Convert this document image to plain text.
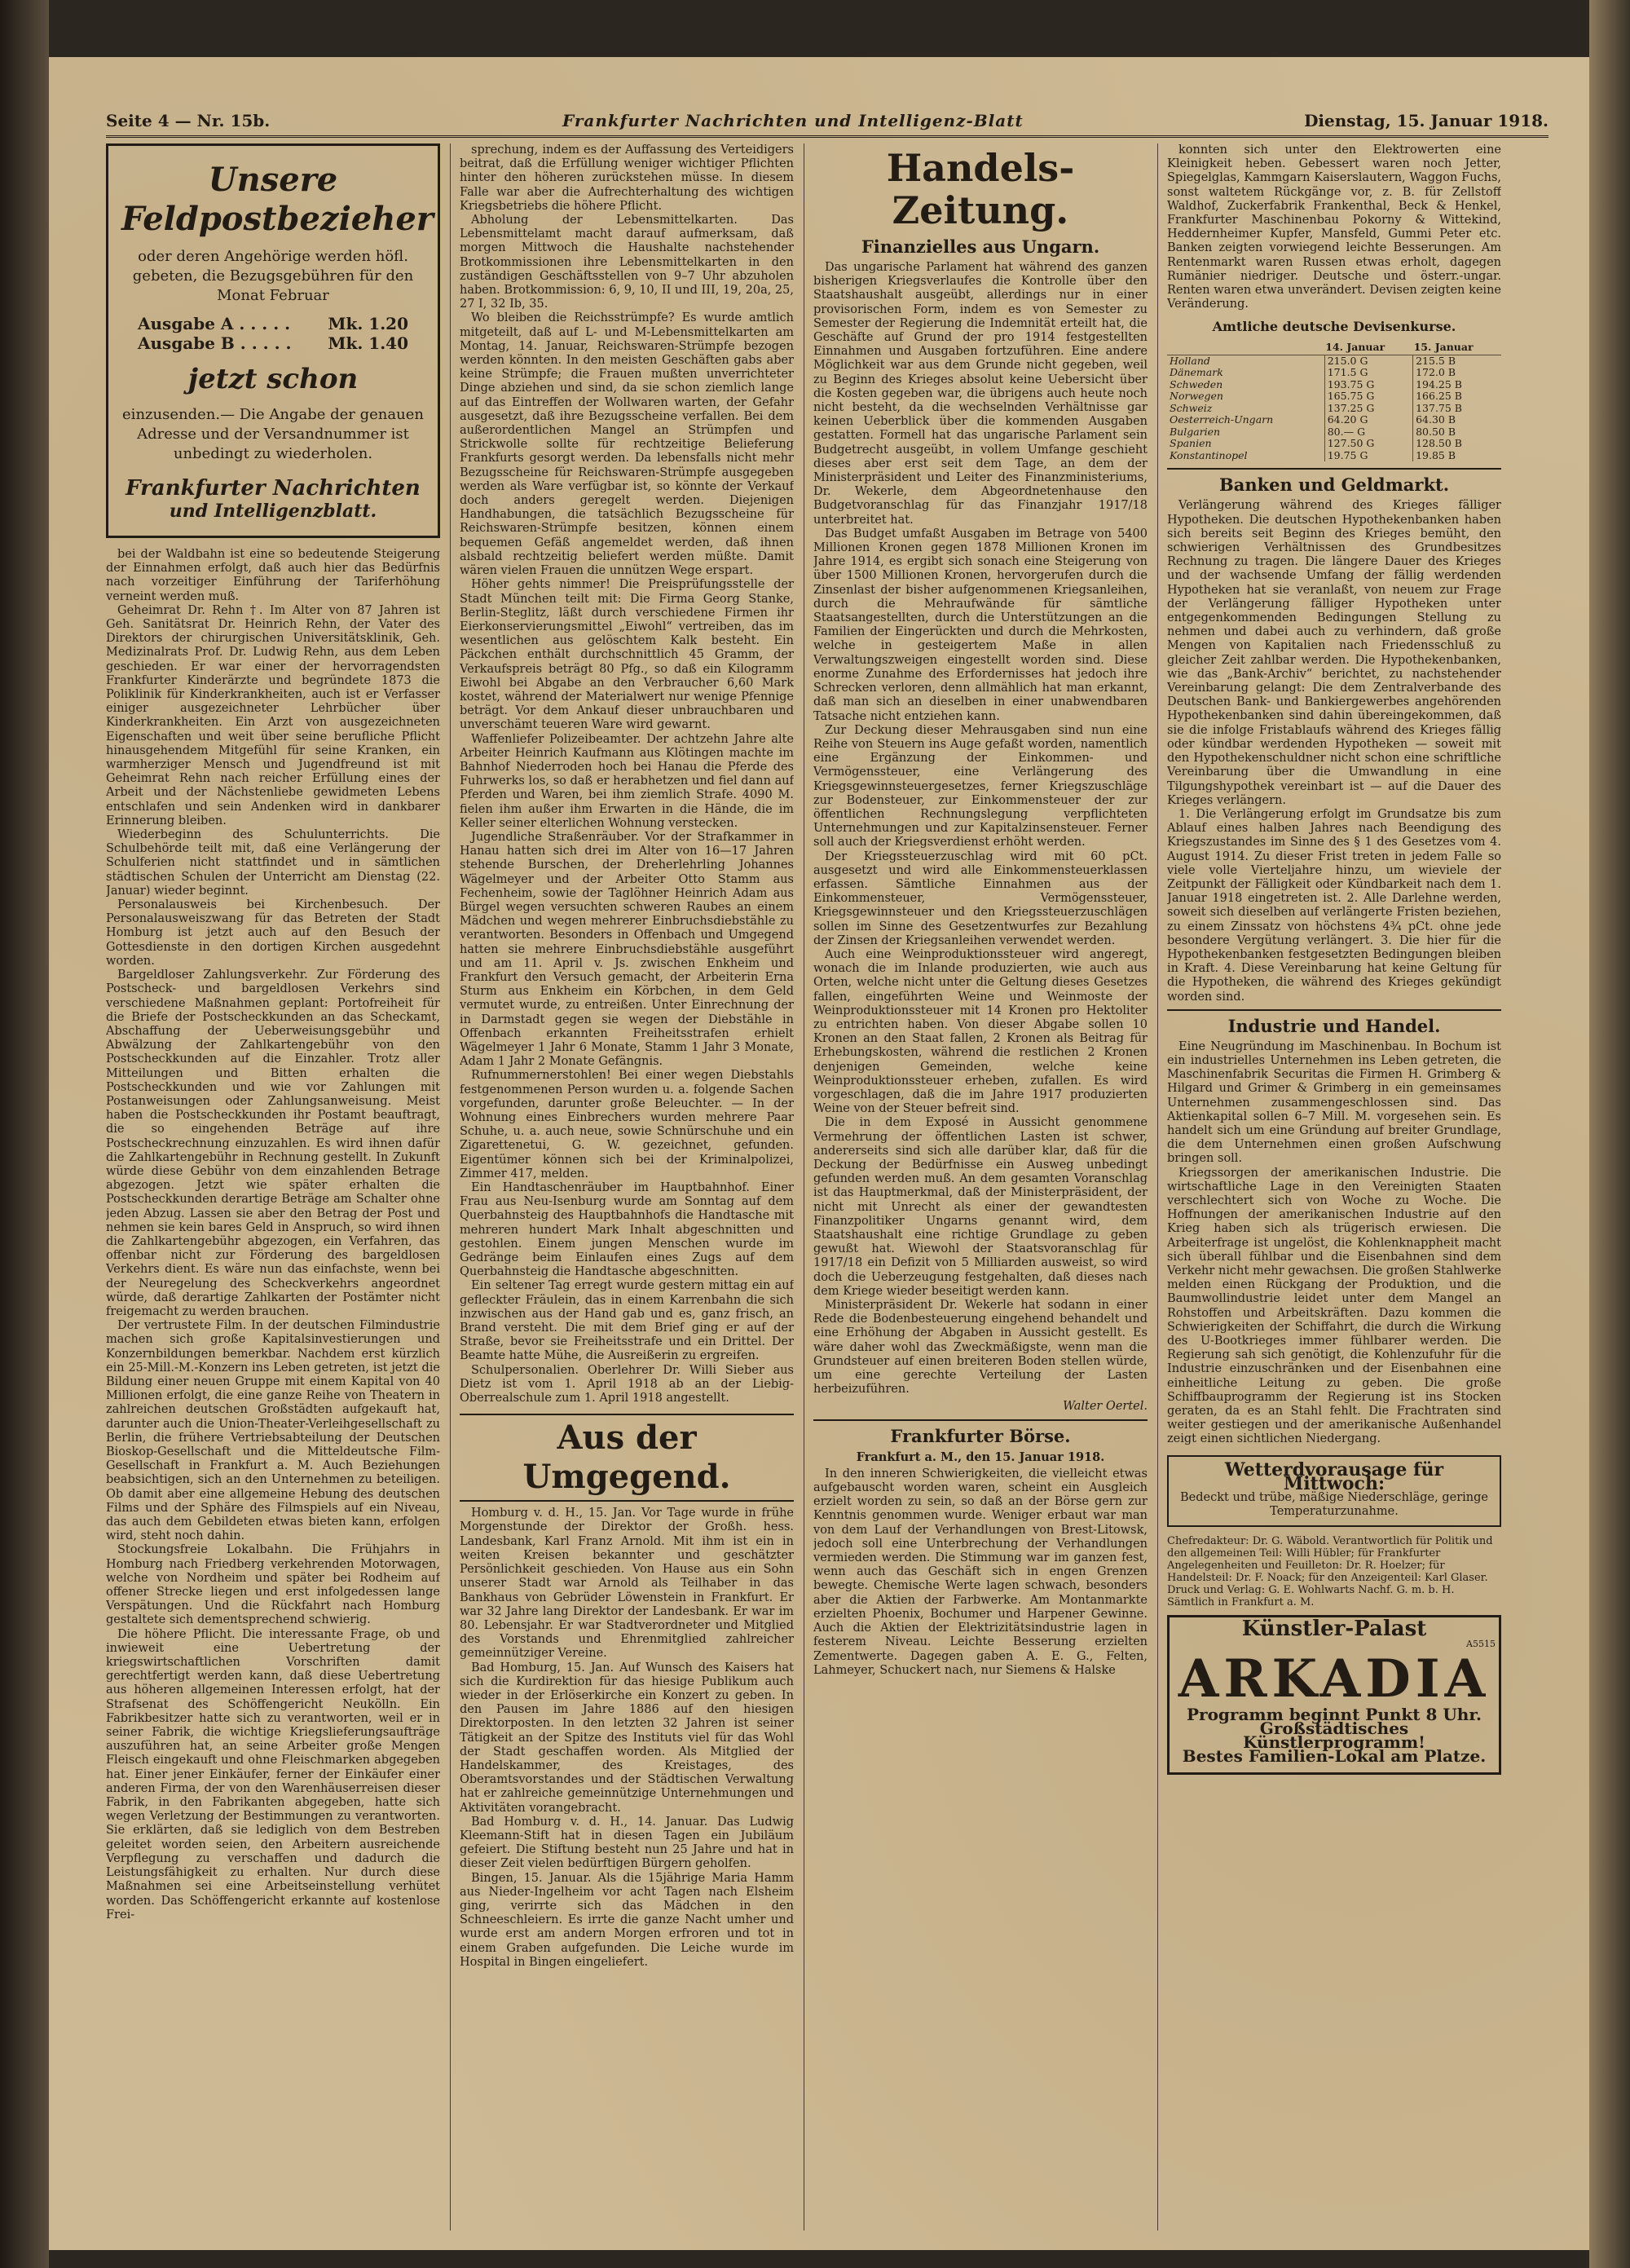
Seite 4 — Nr. 15b.	Frankfurter Nachrichten und Intelligenz-Blatt	Dienstag, 15. Januar 1918.
Unsere
Feldpostbezieher
oder deren Angehörige werden höfl. gebeten, die Bezugsgebühren für den Monat Februar
Ausgabe A . . . . . Mk. 1.20
Ausgabe B . . . . . Mk. 1.40
jetzt schon
einzusenden.— Die Angabe der genauen Adresse und der Versandnummer ist unbedingt zu wiederholen.
Frankfurter Nachrichten
und Intelligenzblatt.

bei der Waldbahn ist eine so bedeutende Steigerung der Einnahmen erfolgt, daß auch hier das Bedürfnis nach vorzeitiger Einführung der Tariferhöhung verneint werden muß.

Geheimrat Dr. Rehn †. Im Alter von 87 Jahren ist Geh. Sanitätsrat Dr. Heinrich Rehn, der Vater des Direktors der chirurgischen Universitätsklinik, Geh. Medizinalrats Prof. Dr. Ludwig Rehn, aus dem Leben geschieden. Er war einer der hervorragendsten Frankfurter Kinderärzte und begründete 1873 die Poliklinik für Kinderkrankheiten, auch ist er Verfasser einiger ausgezeichneter Lehrbücher über Kinderkrankheiten. Ein Arzt von ausgezeichneten Eigenschaften und weit über seine berufliche Pflicht hinausgehendem Mitgefühl für seine Kranken, ein warmherziger Mensch und Jugendfreund ist mit Geheimrat Rehn nach reicher Erfüllung eines der Arbeit und der Nächstenliebe gewidmeten Lebens entschlafen und sein Andenken wird in dankbarer Erinnerung bleiben.

Wiederbeginn des Schulunterrichts. Die Schulbehörde teilt mit, daß eine Verlängerung der Schulferien nicht stattfindet und in sämtlichen städtischen Schulen der Unterricht am Dienstag (22. Januar) wieder beginnt.

Personalausweis bei Kirchenbesuch. Der Personalausweiszwang für das Betreten der Stadt Homburg ist jetzt auch auf den Besuch der Gottesdienste in den dortigen Kirchen ausgedehnt worden.

Bargeldloser Zahlungsverkehr. Zur Förderung des Postscheck- und bargeldlosen Verkehrs sind verschiedene Maßnahmen geplant: Portofreiheit für die Briefe der Postscheckkunden an das Scheckamt, Abschaffung der Ueberweisungsgebühr und Abwälzung der Zahlkartengebühr von den Postscheckkunden auf die Einzahler. Trotz aller Mitteilungen und Bitten erhalten die Postscheckkunden und wie vor Zahlungen mit Postanweisungen oder Zahlungsanweisung. Meist haben die Postscheckkunden ihr Postamt beauftragt, die so eingehenden Beträge auf ihre Postscheckrechnung einzuzahlen. Es wird ihnen dafür die Zahlkartengebühr in Rechnung gestellt. In Zukunft würde diese Gebühr von dem einzahlenden Betrage abgezogen. Jetzt wie später erhalten die Postscheckkunden derartige Beträge am Schalter ohne jeden Abzug. Lassen sie aber den Betrag der Post und nehmen sie kein bares Geld in Anspruch, so wird ihnen die Zahlkartengebühr abgezogen, ein Verfahren, das offenbar nicht zur Förderung des bargeldlosen Verkehrs dient. Es wäre nun das einfachste, wenn bei der Neuregelung des Scheckverkehrs angeordnet würde, daß derartige Zahlkarten der Postämter nicht freigemacht zu werden brauchen.

Der vertrustete Film. In der deutschen Filmindustrie machen sich große Kapitalsinvestierungen und Konzernbildungen bemerkbar. Nachdem erst kürzlich ein 25-Mill.-M.-Konzern ins Leben getreten, ist jetzt die Bildung einer neuen Gruppe mit einem Kapital von 40 Millionen erfolgt, die eine ganze Reihe von Theatern in zahlreichen deutschen Großstädten aufgekauft hat, darunter auch die Union-Theater-Verleihgesellschaft zu Berlin, die frühere Vertriebsabteilung der Deutschen Bioskop-Gesellschaft und die Mitteldeutsche Film-Gesellschaft in Frankfurt a. M. Auch Beziehungen beabsichtigen, sich an den Unternehmen zu beteiligen. Ob damit aber eine allgemeine Hebung des deutschen Films und der Sphäre des Filmspiels auf ein Niveau, das auch dem Gebildeten etwas bieten kann, erfolgen wird, steht noch dahin.

Stockungsfreie Lokalbahn. Die Frühjahrs in Homburg nach Friedberg verkehrenden Motorwagen, welche von Nordheim und später bei Rodheim auf offener Strecke liegen und erst infolgedessen lange Verspätungen. Und die Rückfahrt nach Homburg gestaltete sich dementsprechend schwierig.

Die höhere Pflicht. Die interessante Frage, ob und inwieweit eine Uebertretung der kriegswirtschaftlichen Vorschriften damit gerechtfertigt werden kann, daß diese Uebertretung aus höheren allgemeinen Interessen erfolgt, hat der Strafsenat des Schöffengericht Neukölln. Ein Fabrikbesitzer hatte sich zu verantworten, weil er in seiner Fabrik, die wichtige Kriegslieferungsaufträge auszuführen hat, an seine Arbeiter große Mengen Fleisch eingekauft und ohne Fleischmarken abgegeben hat. Einer jener Einkäufer, ferner der Einkäufer einer anderen Firma, der von den Warenhäuserreisen dieser Fabrik, in den Fabrikanten abgegeben, hatte sich wegen Verletzung der Bestimmungen zu verantworten. Sie erklärten, daß sie lediglich von dem Bestreben geleitet worden seien, den Arbeitern ausreichende Verpflegung zu verschaffen und dadurch die Leistungsfähigkeit zu erhalten. Nur durch diese Maßnahmen sei eine Arbeitseinstellung verhütet worden. Das Schöffengericht erkannte auf kostenlose Frei-

sprechung, indem es der Auffassung des Verteidigers beitrat, daß die Erfüllung weniger wichtiger Pflichten hinter den höheren zurückstehen müsse. In diesem Falle war aber die Aufrechterhaltung des wichtigen Kriegsbetriebs die höhere Pflicht.

Abholung der Lebensmittelkarten. Das Lebensmittelamt macht darauf aufmerksam, daß morgen Mittwoch die Haushalte nachstehender Brotkommissionen ihre Lebensmittelkarten in den zuständigen Geschäftsstellen von 9–7 Uhr abzuholen haben. Brotkommission: 6, 9, 10, II und III, 19, 20a, 25, 27 I, 32 Ib, 35.

Wo bleiben die Reichsstrümpfe? Es wurde amtlich mitgeteilt, daß auf L- und M-Lebensmittelkarten am Montag, 14. Januar, Reichswaren-Strümpfe bezogen werden könnten. In den meisten Geschäften gabs aber keine Strümpfe; die Frauen mußten unverrichteter Dinge abziehen und sind, da sie schon ziemlich lange auf das Eintreffen der Wollwaren warten, der Gefahr ausgesetzt, daß ihre Bezugsscheine verfallen. Bei dem außerordentlichen Mangel an Strümpfen und Strickwolle sollte für rechtzeitige Belieferung Frankfurts gesorgt werden. Da lebensfalls nicht mehr Bezugsscheine für Reichswaren-Strümpfe ausgegeben werden als Ware verfügbar ist, so könnte der Verkauf doch anders geregelt werden. Diejenigen Handhabungen, die tatsächlich Bezugsscheine für Reichswaren-Strümpfe besitzen, können einem bequemen Gefäß angemeldet werden, daß ihnen alsbald rechtzeitig beliefert werden müßte. Damit wären vielen Frauen die unnützen Wege erspart.

Höher gehts nimmer! Die Preisprüfungsstelle der Stadt München teilt mit: Die Firma Georg Stanke, Berlin-Steglitz, läßt durch verschiedene Firmen ihr Eierkonservierungsmittel „Eiwohl“ vertreiben, das im wesentlichen aus gelöschtem Kalk besteht. Ein Päckchen enthält durchschnittlich 45 Gramm, der Verkaufspreis beträgt 80 Pfg., so daß ein Kilogramm Eiwohl bei Abgabe an den Verbraucher 6,60 Mark kostet, während der Materialwert nur wenige Pfennige beträgt. Vor dem Ankauf dieser unbrauchbaren und unverschämt teueren Ware wird gewarnt.

Waffenliefer Polizeibeamter. Der achtzehn Jahre alte Arbeiter Heinrich Kaufmann aus Klötingen machte im Bahnhof Niederroden hoch bei Hanau die Pferde des Fuhrwerks los, so daß er herabhetzen und fiel dann auf Pferden und Waren, bei ihm ziemlich Strafe. 4090 M. fielen ihm außer ihm Erwarten in die Hände, die im Keller seiner elterlichen Wohnung verstecken.

Jugendliche Straßenräuber. Vor der Strafkammer in Hanau hatten sich drei im Alter von 16—17 Jahren stehende Burschen, der Dreherlehrling Johannes Wägelmeyer und der Arbeiter Otto Stamm aus Fechenheim, sowie der Taglöhner Heinrich Adam aus Bürgel wegen versuchten schweren Raubes an einem Mädchen und wegen mehrerer Einbruchsdiebstähle zu verantworten. Besonders in Offenbach und Umgegend hatten sie mehrere Einbruchsdiebstähle ausgeführt und am 11. April v. Js. zwischen Enkheim und Frankfurt den Versuch gemacht, der Arbeiterin Erna Sturm aus Enkheim ein Körbchen, in dem Geld vermutet wurde, zu entreißen. Unter Einrechnung der in Darmstadt gegen sie wegen der Diebstähle in Offenbach erkannten Freiheitsstrafen erhielt Wägelmeyer 1 Jahr 6 Monate, Stamm 1 Jahr 3 Monate, Adam 1 Jahr 2 Monate Gefängnis.

Rufnummernerstohlen! Bei einer wegen Diebstahls festgenommenen Person wurden u. a. folgende Sachen vorgefunden, darunter große Beleuchter. — In der Wohnung eines Einbrechers wurden mehrere Paar Schuhe, u. a. auch neue, sowie Schnürschuhe und ein Zigarettenetui, G. W. gezeichnet, gefunden. Eigentümer können sich bei der Kriminalpolizei, Zimmer 417, melden.

Ein Handtaschenräuber im Hauptbahnhof. Einer Frau aus Neu-Isenburg wurde am Sonntag auf dem Querbahnsteig des Hauptbahnhofs die Handtasche mit mehreren hundert Mark Inhalt abgeschnitten und gestohlen. Einem jungen Menschen wurde im Gedränge beim Einlaufen eines Zugs auf dem Querbahnsteig die Handtasche abgeschnitten.

Ein seltener Tag erregt wurde gestern mittag ein auf gefleckter Fräulein, das in einem Karrenbahn die sich inzwischen aus der Hand gab und es, ganz frisch, an Brand versteht. Die mit dem Brief ging er auf der Straße, bevor sie Freiheitsstrafe und ein Drittel. Der Beamte hatte Mühe, die Ausreißerin zu ergreifen.

Schulpersonalien. Oberlehrer Dr. Willi Sieber aus Dietz ist vom 1. April 1918 ab an der Liebig-Oberrealschule zum 1. April 1918 angestellt.

Aus der Umgegend.

Homburg v. d. H., 15. Jan. Vor Tage wurde in frühe Morgenstunde der Direktor der Großh. hess. Landesbank, Karl Franz Arnold. Mit ihm ist ein in weiten Kreisen bekannter und geschätzter Persönlichkeit geschieden. Von Hause aus ein Sohn unserer Stadt war Arnold als Teilhaber in das Bankhaus von Gebrüder Löwenstein in Frankfurt. Er war 32 Jahre lang Direktor der Landesbank. Er war im 80. Lebensjahr. Er war Stadtverordneter und Mitglied des Vorstands und Ehrenmitglied zahlreicher gemeinnütziger Vereine.

Bad Homburg, 15. Jan. Auf Wunsch des Kaisers hat sich die Kurdirektion für das hiesige Publikum auch wieder in der Erlöserkirche ein Konzert zu geben. In den Pausen im Jahre 1886 auf den hiesigen Direktorposten. In den letzten 32 Jahren ist seiner Tätigkeit an der Spitze des Instituts viel für das Wohl der Stadt geschaffen worden. Als Mitglied der Handelskammer, des Kreistages, des Oberamtsvorstandes und der Städtischen Verwaltung hat er zahlreiche gemeinnützige Unternehmungen und Aktivitäten vorangebracht.

Bad Homburg v. d. H., 14. Januar. Das Ludwig Kleemann-Stift hat in diesen Tagen ein Jubiläum gefeiert. Die Stiftung besteht nun 25 Jahre und hat in dieser Zeit vielen bedürftigen Bürgern geholfen.

Bingen, 15. Januar. Als die 15jährige Maria Hamm aus Nieder-Ingelheim vor acht Tagen nach Elsheim ging, verirrte sich das Mädchen in den Schneeschleiern. Es irrte die ganze Nacht umher und wurde erst am andern Morgen erfroren und tot in einem Graben aufgefunden. Die Leiche wurde im Hospital in Bingen eingeliefert.

Handels-Zeitung.
Finanzielles aus Ungarn.

Das ungarische Parlament hat während des ganzen bisherigen Kriegsverlaufes die Kontrolle über den Staatshaushalt ausgeübt, allerdings nur in einer provisorischen Form, indem es von Semester zu Semester der Regierung die Indemnität erteilt hat, die Geschäfte auf Grund der pro 1914 festgestellten Einnahmen und Ausgaben fortzuführen. Eine andere Möglichkeit war aus dem Grunde nicht gegeben, weil zu Beginn des Krieges absolut keine Uebersicht über die Kosten gegeben war, die übrigens auch heute noch nicht besteht, da die wechselnden Verhältnisse gar keinen Ueberblick über die kommenden Ausgaben gestatten. Formell hat das ungarische Parlament sein Budgetrecht ausgeübt, in vollem Umfange geschieht dieses aber erst seit dem Tage, an dem der Ministerpräsident und Leiter des Finanzministeriums, Dr. Wekerle, dem Abgeordnetenhause den Budgetvoranschlag für das Finanzjahr 1917/18 unterbreitet hat.

Das Budget umfaßt Ausgaben im Betrage von 5400 Millionen Kronen gegen 1878 Millionen Kronen im Jahre 1914, es ergibt sich sonach eine Steigerung von über 1500 Millionen Kronen, hervorgerufen durch die Zinsenlast der bisher aufgenommenen Kriegsanleihen, durch die Mehraufwände für sämtliche Staatsangestellten, durch die Unterstützungen an die Familien der Eingerückten und durch die Mehrkosten, welche in gesteigertem Maße in allen Verwaltungszweigen eingestellt worden sind. Diese enorme Zunahme des Erfordernisses hat jedoch ihre Schrecken verloren, denn allmählich hat man erkannt, daß man sich an dieselben in einer unabwendbaren Tatsache nicht entziehen kann.

Zur Deckung dieser Mehrausgaben sind nun eine Reihe von Steuern ins Auge gefaßt worden, namentlich eine Ergänzung der Einkommen- und Vermögenssteuer, eine Verlängerung des Kriegsgewinnsteuergesetzes, ferner Kriegszuschläge zur Bodensteuer, zur Einkommensteuer der zur öffentlichen Rechnungslegung verpflichteten Unternehmungen und zur Kapitalzinsensteuer. Ferner soll auch der Kriegsverdienst erhöht werden.

Der Kriegssteuerzuschlag wird mit 60 pCt. ausgesetzt und wird alle Einkommensteuerklassen erfassen. Sämtliche Einnahmen aus der Einkommensteuer, Vermögenssteuer, Kriegsgewinnsteuer und den Kriegssteuerzuschlägen sollen im Sinne des Gesetzentwurfes zur Bezahlung der Zinsen der Kriegsanleihen verwendet werden.

Auch eine Weinproduktionssteuer wird angeregt, wonach die im Inlande produzierten, wie auch aus Orten, welche nicht unter die Geltung dieses Gesetzes fallen, eingeführten Weine und Weinmoste der Weinproduktionssteuer mit 14 Kronen pro Hektoliter zu entrichten haben. Von dieser Abgabe sollen 10 Kronen an den Staat fallen, 2 Kronen als Beitrag für Erhebungskosten, während die restlichen 2 Kronen denjenigen Gemeinden, welche keine Weinproduktionssteuer erheben, zufallen. Es wird vorgeschlagen, daß die im Jahre 1917 produzierten Weine von der Steuer befreit sind.

Die in dem Exposé in Aussicht genommene Vermehrung der öffentlichen Lasten ist schwer, andererseits sind sich alle darüber klar, daß für die Deckung der Bedürfnisse ein Ausweg unbedingt gefunden werden muß. An dem gesamten Voranschlag ist das Hauptmerkmal, daß der Ministerpräsident, der nicht mit Unrecht als einer der gewandtesten Finanzpolitiker Ungarns genannt wird, dem Staatshaushalt eine richtige Grundlage zu geben gewußt hat. Wiewohl der Staatsvoranschlag für 1917/18 ein Defizit von 5 Milliarden ausweist, so wird doch die Ueberzeugung festgehalten, daß dieses nach dem Kriege wieder beseitigt werden kann.

Ministerpräsident Dr. Wekerle hat sodann in einer Rede die Bodenbesteuerung eingehend behandelt und eine Erhöhung der Abgaben in Aussicht gestellt. Es wäre daher wohl das Zweckmäßigste, wenn man die Grundsteuer auf einen breiteren Boden stellen würde, um eine gerechte Verteilung der Lasten herbeizuführen.

Walter Oertel.
Frankfurter Börse.
Frankfurt a. M., den 15. Januar 1918.

In den inneren Schwierigkeiten, die vielleicht etwas aufgebauscht worden waren, scheint ein Ausgleich erzielt worden zu sein, so daß an der Börse gern zur Kenntnis genommen wurde. Weniger erbaut war man von dem Lauf der Verhandlungen von Brest-Litowsk, jedoch soll eine Unterbrechung der Verhandlungen vermieden werden. Die Stimmung war im ganzen fest, wenn auch das Geschäft sich in engen Grenzen bewegte. Chemische Werte lagen schwach, besonders aber die Aktien der Farbwerke. Am Montanmarkte erzielten Phoenix, Bochumer und Harpener Gewinne. Auch die Aktien der Elektrizitätsindustrie lagen in festerem Niveau. Leichte Besserung erzielten Zementwerte. Dagegen gaben A. E. G., Felten, Lahmeyer, Schuckert nach, nur Siemens & Halske

konnten sich unter den Elektrowerten eine Kleinigkeit heben. Gebessert waren noch Jetter, Spiegelglas, Kammgarn Kaiserslautern, Waggon Fuchs, sonst waltetem Rückgänge vor, z. B. für Zellstoff Waldhof, Zuckerfabrik Frankenthal, Beck & Henkel, Frankfurter Maschinenbau Pokorny & Wittekind, Heddernheimer Kupfer, Mansfeld, Gummi Peter etc. Banken zeigten vorwiegend leichte Besserungen. Am Rentenmarkt waren Russen etwas erholt, dagegen Rumänier niedriger. Deutsche und österr.-ungar. Renten waren etwa unverändert. Devisen zeigten keine Veränderung.

Amtliche deutsche Devisenkurse.
	14. Januar	15. Januar
Holland	215.0 G	215.5 B
Dänemark	171.5 G	172.0 B
Schweden	193.75 G	194.25 B
Norwegen	165.75 G	166.25 B
Schweiz	137.25 G	137.75 B
Oesterreich-Ungarn	64.20 G	64.30 B
Bulgarien	80.— G	80.50 B
Spanien	127.50 G	128.50 B
Konstantinopel	19.75 G	19.85 B
Banken und Geldmarkt.

Verlängerung während des Krieges fälliger Hypotheken. Die deutschen Hypothekenbanken haben sich bereits seit Beginn des Krieges bemüht, den schwierigen Verhältnissen des Grundbesitzes Rechnung zu tragen. Die längere Dauer des Krieges und der wachsende Umfang der fällig werdenden Hypotheken hat sie veranlaßt, von neuem zur Frage der Verlängerung fälliger Hypotheken unter entgegenkommenden Bedingungen Stellung zu nehmen und dabei auch zu verhindern, daß große Mengen von Kapitalien nach Friedensschluß zu gleicher Zeit zahlbar werden. Die Hypothekenbanken, wie das „Bank-Archiv“ berichtet, zu nachstehender Vereinbarung gelangt: Die dem Zentralverbande des Deutschen Bank- und Bankiergewerbes angehörenden Hypothekenbanken sind dahin übereingekommen, daß sie die infolge Fristablaufs während des Krieges fällig oder kündbar werdenden Hypotheken — soweit mit den Hypothekenschuldner nicht schon eine schriftliche Vereinbarung über die Umwandlung in eine Tilgungshypothek vereinbart ist — auf die Dauer des Krieges verlängern.

1. Die Verlängerung erfolgt im Grundsatze bis zum Ablauf eines halben Jahres nach Beendigung des Kriegszustandes im Sinne des § 1 des Gesetzes vom 4. August 1914. Zu dieser Frist treten in jedem Falle so viele volle Vierteljahre hinzu, um wieviele der Zeitpunkt der Fälligkeit oder Kündbarkeit nach dem 1. Januar 1918 eingetreten ist. 2. Alle Darlehne werden, soweit sich dieselben auf verlängerte Fristen beziehen, zu einem Zinssatz von höchstens 4¾ pCt. ohne jede besondere Vergütung verlängert. 3. Die hier für die Hypothekenbanken festgesetzten Bedingungen bleiben in Kraft. 4. Diese Vereinbarung hat keine Geltung für die Hypotheken, die während des Krieges gekündigt worden sind.

Industrie und Handel.

Eine Neugründung im Maschinenbau. In Bochum ist ein industrielles Unternehmen ins Leben getreten, die Maschinenfabrik Securitas die Firmen H. Grimberg & Hilgard und Grimer & Grimberg in ein gemeinsames Unternehmen zusammengeschlossen sind. Das Aktienkapital sollen 6–7 Mill. M. vorgesehen sein. Es handelt sich um eine Gründung auf breiter Grundlage, die dem Unternehmen einen großen Aufschwung bringen soll.

Kriegssorgen der amerikanischen Industrie. Die wirtschaftliche Lage in den Vereinigten Staaten verschlechtert sich von Woche zu Woche. Die Hoffnungen der amerikanischen Industrie auf den Krieg haben sich als trügerisch erwiesen. Die Arbeiterfrage ist ungelöst, die Kohlenknappheit macht sich überall fühlbar und die Eisenbahnen sind dem Verkehr nicht mehr gewachsen. Die großen Stahlwerke melden einen Rückgang der Produktion, und die Baumwollindustrie leidet unter dem Mangel an Rohstoffen und Arbeitskräften. Dazu kommen die Schwierigkeiten der Schiffahrt, die durch die Wirkung des U-Bootkrieges immer fühlbarer werden. Die Regierung sah sich genötigt, die Kohlenzufuhr für die Industrie einzuschränken und der Eisenbahnen eine einheitliche Leitung zu geben. Die große Schiffbauprogramm der Regierung ist ins Stocken geraten, da es an Stahl fehlt. Die Frachtraten sind weiter gestiegen und der amerikanische Außenhandel zeigt einen sichtlichen Niedergang.

Wetterdvorausage für Mittwoch:
Bedeckt und trübe, mäßige Niederschläge, geringe Temperaturzunahme.
Chefredakteur: Dr. G. Wäbold. Verantwortlich für Politik und den allgemeinen Teil: Willi Hübler; für Frankfurter Angelegenheiten und Feuilleton: Dr. R. Hoelzer; für Handelsteil: Dr. F. Noack; für den Anzeigenteil: Karl Glaser. Druck und Verlag: G. E. Wohlwarts Nachf. G. m. b. H. Sämtlich in Frankfurt a. M.
Künstler-Palast
A5515
ARKADIA
Programm beginnt Punkt 8 Uhr.
Großstädtisches Künstlerprogramm!
Bestes Familien-Lokal am Platze.
